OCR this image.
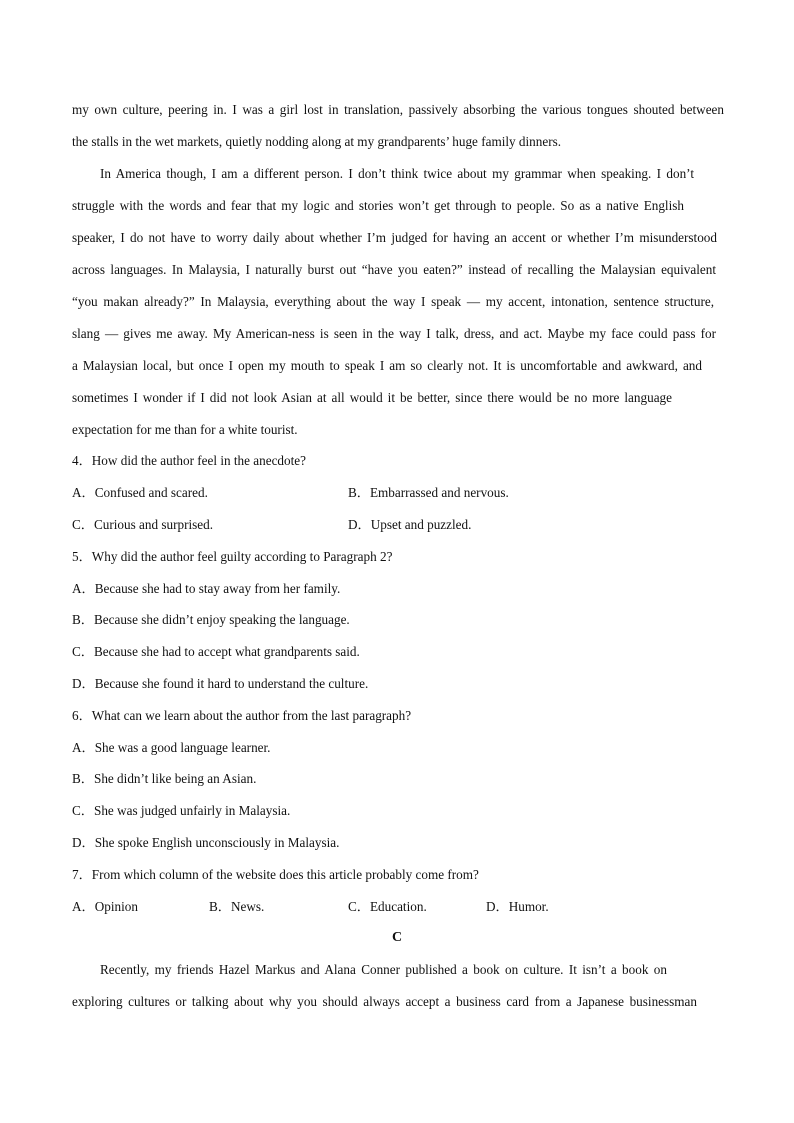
my own culture, peering in. I was a girl lost in translation, passively absorbing the various tongues shouted between
the stalls in the wet markets, quietly nodding along at my grandparents’ huge family dinners.
In America though, I am a different person. I don’t think twice about my grammar when speaking. I don’t
struggle with the words and fear that my logic and stories won’t get through to people. So as a native English
speaker, I do not have to worry daily about whether I’m judged for having an accent or whether I’m misunderstood
across languages. In Malaysia, I naturally burst out “have you eaten?” instead of recalling the Malaysian equivalent
“you makan already?” In Malaysia, everything about the way I speak — my accent, intonation, sentence structure,
slang — gives me away. My American-ness is seen in the way I talk, dress, and act. Maybe my face could pass for
a Malaysian local, but once I open my mouth to speak I am so clearly not. It is uncomfortable and awkward, and
sometimes I wonder if I did not look Asian at all would it be better, since there would be no more language
expectation for me than for a white tourist.
4．How did the author feel in the anecdote?
A．Confused and scared.	B．Embarrassed and nervous.
C．Curious and surprised.	D．Upset and puzzled.
5．Why did the author feel guilty according to Paragraph 2?
A．Because she had to stay away from her family.
B．Because she didn’t enjoy speaking the language.
C．Because she had to accept what grandparents said.
D．Because she found it hard to understand the culture.
6．What can we learn about the author from the last paragraph?
A．She was a good language learner.
B．She didn’t like being an Asian.
C．She was judged unfairly in Malaysia.
D．She spoke English unconsciously in Malaysia.
7．From which column of the website does this article probably come from?
A．Opinion	B．News.	C．Education.	D．Humor.
C
Recently, my friends Hazel Markus and Alana Conner published a book on culture. It isn’t a book on
exploring cultures or talking about why you should always accept a business card from a Japanese businessman
